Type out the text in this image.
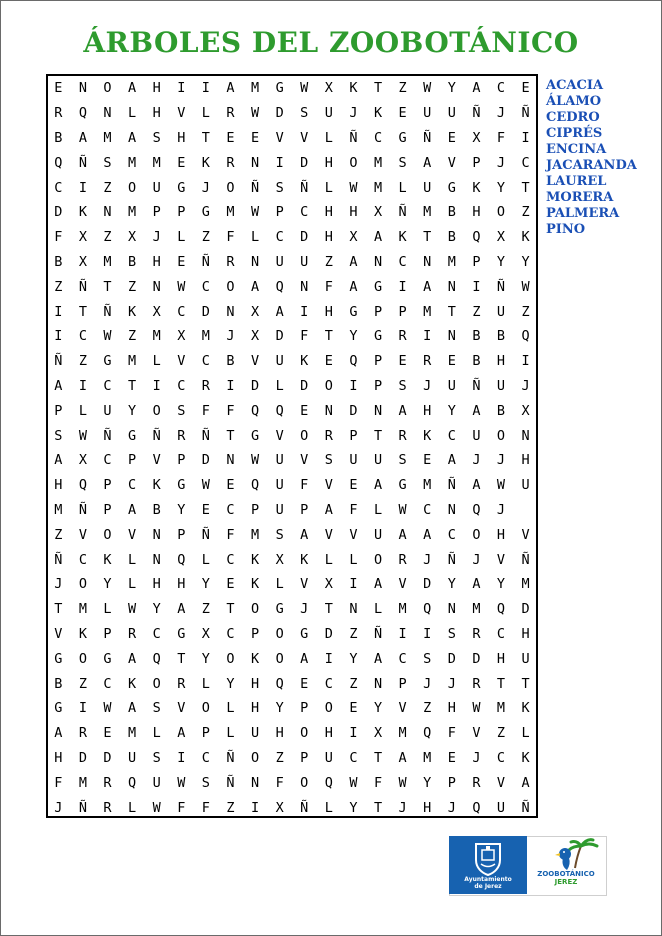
ÁRBOLES DEL ZOOBOTÁNICO
E	N	O	A	H	I	I	A	M	G	W	X	K	T	Z	W	Y	A	C	E
R	Q	N	L	H	V	L	R	W	D	S	U	J	K	E	U	U	Ñ	J	Ñ
B	A	M	A	S	H	T	E	E	V	V	L	Ñ	C	G	Ñ	E	X	F	I
Q	Ñ	S	M	M	E	K	R	N	I	D	H	O	M	S	A	V	P	J	C
C	I	Z	O	U	G	J	O	Ñ	S	Ñ	L	W	M	L	U	G	K	Y	T
D	K	N	M	P	P	G	M	W	P	C	H	H	X	Ñ	M	B	H	O	Z
F	X	Z	X	J	L	Z	F	L	C	D	H	X	A	K	T	B	Q	X	K
B	X	M	B	H	E	Ñ	R	N	U	U	Z	A	N	C	N	M	P	Y	Y
Z	Ñ	T	Z	N	W	C	O	A	Q	N	F	A	G	I	A	N	I	Ñ	W
I	T	Ñ	K	X	C	D	N	X	A	I	H	G	P	P	M	T	Z	U	Z
I	C	W	Z	M	X	M	J	X	D	F	T	Y	G	R	I	N	B	B	Q
Ñ	Z	G	M	L	V	C	B	V	U	K	E	Q	P	E	R	E	B	H	I
A	I	C	T	I	C	R	I	D	L	D	O	I	P	S	J	U	Ñ	U	J
P	L	U	Y	O	S	F	F	Q	Q	E	N	D	N	A	H	Y	A	B	X
S	W	Ñ	G	Ñ	R	Ñ	T	G	V	O	R	P	T	R	K	C	U	O	N
A	X	C	P	V	P	D	N	W	U	V	S	U	U	S	E	A	J	J	H
H	Q	P	C	K	G	W	E	Q	U	F	V	E	A	G	M	Ñ	A	W	U
M	Ñ	P	A	B	Y	E	C	P	U	P	A	F	L	W	C	N	Q	J
Z	V	O	V	N	P	Ñ	F	M	S	A	V	V	U	A	A	C	O	H	V
Ñ	C	K	L	N	Q	L	C	K	X	K	L	L	O	R	J	Ñ	J	V	Ñ
J	O	Y	L	H	H	Y	E	K	L	V	X	I	A	V	D	Y	A	Y	M
T	M	L	W	Y	A	Z	T	O	G	J	T	N	L	M	Q	N	M	Q	D
V	K	P	R	C	G	X	C	P	O	G	D	Z	Ñ	I	I	S	R	C	H
G	O	G	A	Q	T	Y	O	K	O	A	I	Y	A	C	S	D	D	H	U
B	Z	C	K	O	R	L	Y	H	Q	E	C	Z	N	P	J	J	R	T	T
G	I	W	A	S	V	O	L	H	Y	P	O	E	Y	V	Z	H	W	M	K
A	R	E	M	L	A	P	L	U	H	O	H	I	X	M	Q	F	V	Z	L
H	D	D	U	S	I	C	Ñ	O	Z	P	U	C	T	A	M	E	J	C	K
F	M	R	Q	U	W	S	Ñ	N	F	O	Q	W	F	W	Y	P	R	V	A
J	Ñ	R	L	W	F	F	Z	I	X	Ñ	L	Y	T	J	H	J	Q	U	Ñ
ACACIA
ÁLAMO
CEDRO
CIPRÉS
ENCINA
JACARANDA
LAUREL
MORERA
PALMERA
PINO
Ayuntamiento
de Jerez
ZOOBOTÁNICO
JEREZ
